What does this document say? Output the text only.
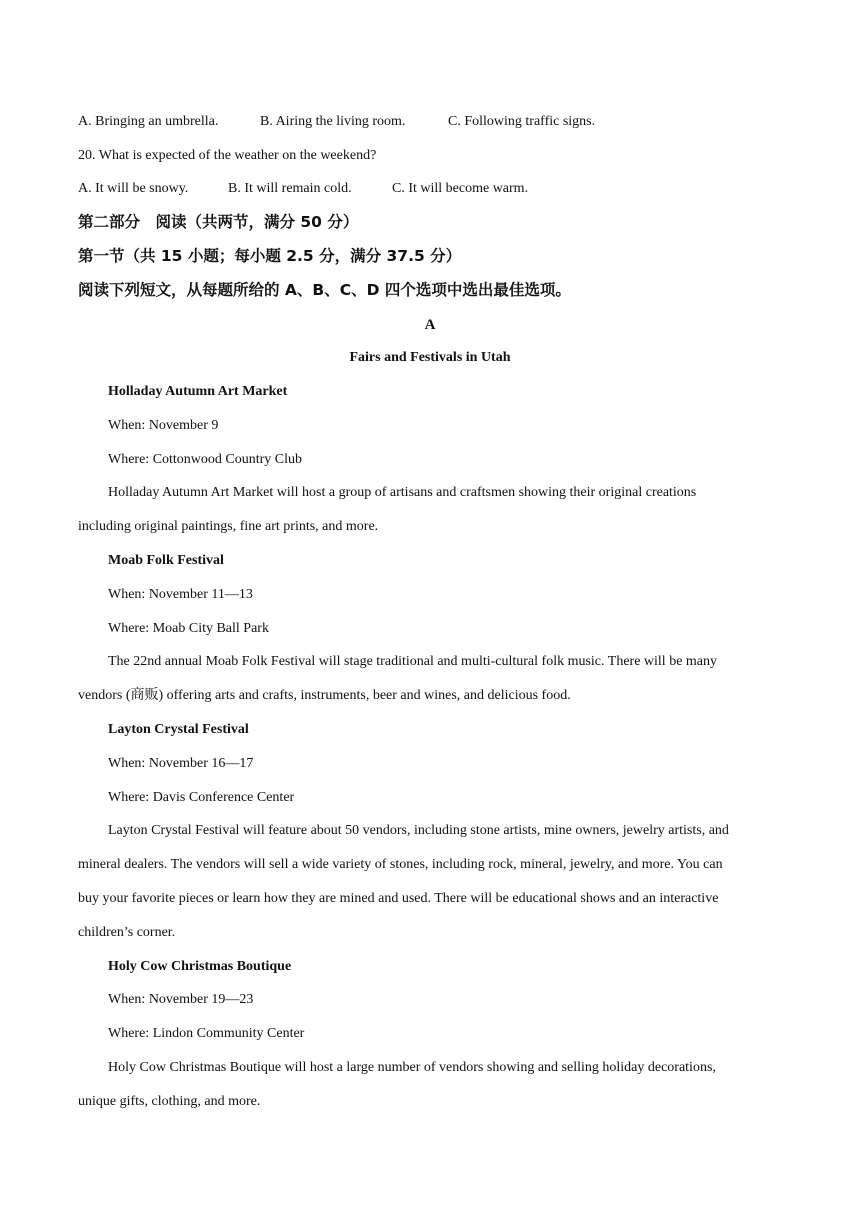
A. Bringing an umbrella.	B. Airing the living room.	C. Following traffic signs.
20. What is expected of the weather on the weekend?
A. It will be snowy.	B. It will remain cold.	C. It will become warm.
第二部分　阅读（共两节，满分 50 分）
第一节（共 15 小题；每小题 2.5 分，满分 37.5 分）
阅读下列短文，从每题所给的 A、B、C、D 四个选项中选出最佳选项。
A
Fairs and Festivals in Utah
Holladay Autumn Art Market
When: November 9
Where: Cottonwood Country Club
Holladay Autumn Art Market will host a group of artisans and craftsmen showing their original creations
including original paintings, fine art prints, and more.
Moab Folk Festival
When: November 11—13
Where: Moab City Ball Park
The 22nd annual Moab Folk Festival will stage traditional and multi-cultural folk music. There will be many
vendors (商贩) offering arts and crafts, instruments, beer and wines, and delicious food.
Layton Crystal Festival
When: November 16—17
Where: Davis Conference Center
Layton Crystal Festival will feature about 50 vendors, including stone artists, mine owners, jewelry artists, and
mineral dealers. The vendors will sell a wide variety of stones, including rock, mineral, jewelry, and more. You can
buy your favorite pieces or learn how they are mined and used. There will be educational shows and an interactive
children’s corner.
Holy Cow Christmas Boutique
When: November 19—23
Where: Lindon Community Center
Holy Cow Christmas Boutique will host a large number of vendors showing and selling holiday decorations,
unique gifts, clothing, and more.
